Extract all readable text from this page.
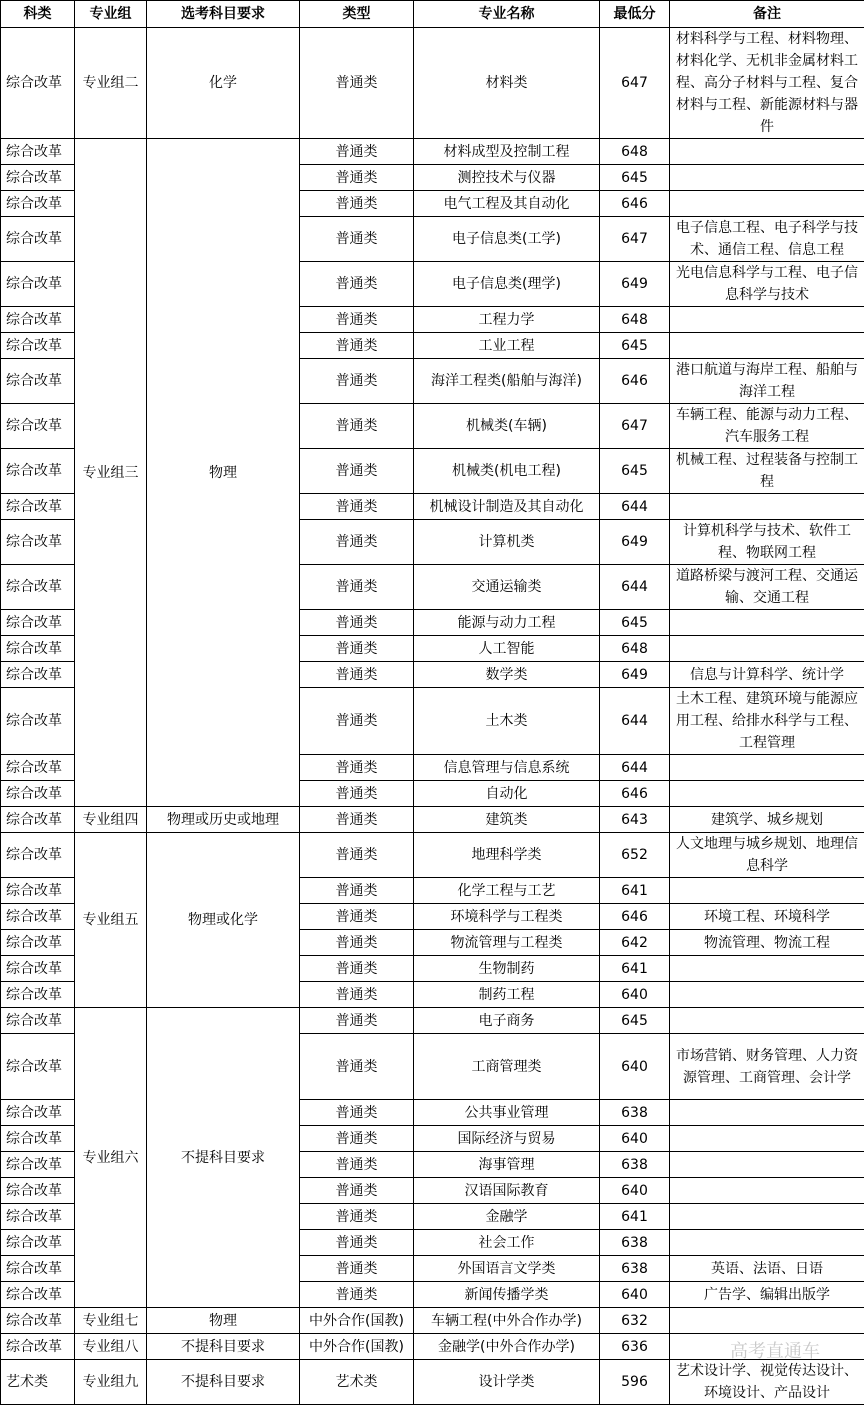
科类	专业组	选考科目要求	类型	专业名称	最低分	备注
综合改革	专业组二	化学	普通类	材料类	647	材料科学与工程、材料物理、材料化学、无机非金属材料工程、高分子材料与工程、复合材料与工程、新能源材料与器件
综合改革	专业组三	物理	普通类	材料成型及控制工程	648	
综合改革			普通类	测控技术与仪器	645	
综合改革			普通类	电气工程及其自动化	646	
综合改革			普通类	电子信息类(工学)	647	电子信息工程、电子科学与技术、通信工程、信息工程
综合改革			普通类	电子信息类(理学)	649	光电信息科学与工程、电子信息科学与技术
综合改革			普通类	工程力学	648	
综合改革			普通类	工业工程	645	
综合改革			普通类	海洋工程类(船舶与海洋)	646	港口航道与海岸工程、船舶与海洋工程
综合改革			普通类	机械类(车辆)	647	车辆工程、能源与动力工程、汽车服务工程
综合改革			普通类	机械类(机电工程)	645	机械工程、过程装备与控制工程
综合改革			普通类	机械设计制造及其自动化	644	
综合改革			普通类	计算机类	649	计算机科学与技术、软件工程、物联网工程
综合改革			普通类	交通运输类	644	道路桥梁与渡河工程、交通运输、交通工程
综合改革			普通类	能源与动力工程	645	
综合改革			普通类	人工智能	648	
综合改革			普通类	数学类	649	信息与计算科学、统计学
综合改革			普通类	土木类	644	土木工程、建筑环境与能源应用工程、给排水科学与工程、工程管理
综合改革			普通类	信息管理与信息系统	644	
综合改革			普通类	自动化	646	
综合改革	专业组四	物理或历史或地理	普通类	建筑类	643	建筑学、城乡规划
综合改革	专业组五	物理或化学	普通类	地理科学类	652	人文地理与城乡规划、地理信息科学
综合改革			普通类	化学工程与工艺	641	
综合改革			普通类	环境科学与工程类	646	环境工程、环境科学
综合改革			普通类	物流管理与工程类	642	物流管理、物流工程
综合改革			普通类	生物制药	641	
综合改革			普通类	制药工程	640	
综合改革	专业组六	不提科目要求	普通类	电子商务	645	
综合改革			普通类	工商管理类	640	市场营销、财务管理、人力资源管理、工商管理、会计学
综合改革			普通类	公共事业管理	638	
综合改革			普通类	国际经济与贸易	640	
综合改革			普通类	海事管理	638	
综合改革			普通类	汉语国际教育	640	
综合改革			普通类	金融学	641	
综合改革			普通类	社会工作	638	
综合改革			普通类	外国语言文学类	638	英语、法语、日语
综合改革			普通类	新闻传播学类	640	广告学、编辑出版学
综合改革	专业组七	物理	中外合作(国教)	车辆工程(中外合作办学)	632	
综合改革	专业组八	不提科目要求	中外合作(国教)	金融学(中外合作办学)	636	
艺术类	专业组九	不提科目要求	艺术类	设计学类	596	艺术设计学、视觉传达设计、环境设计、产品设计
高考直通车
